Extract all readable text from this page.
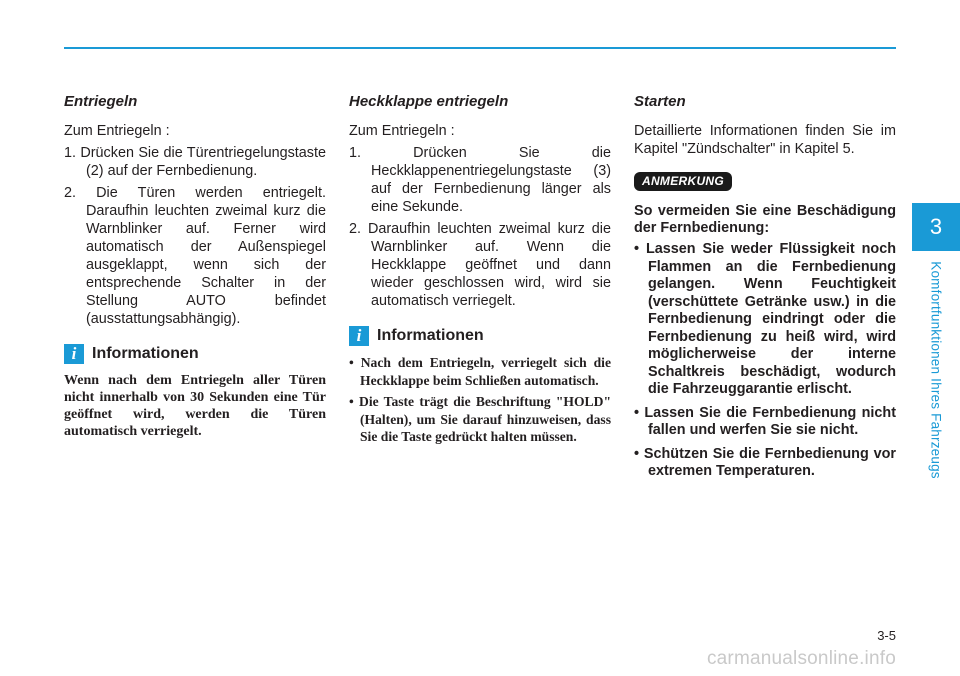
Entriegeln

Zum Entriegeln :

1. Drücken Sie die Türentriegelungstaste (2) auf der Fernbedienung.
2. Die Türen werden entriegelt. Daraufhin leuchten zweimal kurz die Warnblinker auf. Ferner wird automatisch der Außenspiegel ausgeklappt, wenn sich der entsprechende Schalter in der Stellung AUTO befindet (ausstattungsabhängig).
i Informationen

Wenn nach dem Entriegeln aller Türen nicht innerhalb von 30 Sekunden eine Tür geöffnet wird, werden die Türen automatisch verriegelt.

Heckklappe entriegeln

Zum Entriegeln :

1. Drücken Sie die Heckklappenentriegelungstaste (3) auf der Fernbedienung länger als eine Sekunde.
2. Daraufhin leuchten zweimal kurz die Warnblinker auf. Wenn die Heckklappe geöffnet und dann wieder geschlossen wird, wird sie automatisch verriegelt.
i Informationen
• Nach dem Entriegeln, verriegelt sich die Heckklappe beim Schließen automatisch.
• Die Taste trägt die Beschriftung "HOLD" (Halten), um Sie darauf hinzuweisen, dass Sie die Taste gedrückt halten müssen.
Starten

Detaillierte Informationen finden Sie im Kapitel "Zündschalter" in Kapitel 5.

ANMERKUNG

So vermeiden Sie eine Beschädigung der Fernbedienung:

• Lassen Sie weder Flüssigkeit noch Flammen an die Fernbedienung gelangen. Wenn Feuchtigkeit (verschüttete Getränke usw.) in die Fernbedienung eindringt oder die Fernbedienung zu heiß wird, wird möglicherweise der interne Schaltkreis beschädigt, wodurch die Fahrzeuggarantie erlischt.
• Lassen Sie die Fernbedienung nicht fallen und werfen Sie sie nicht.
• Schützen Sie die Fernbedienung vor extremen Temperaturen.
3
Komfortfunktionen Ihres Fahrzeugs
3-5
carmanualsonline.info
